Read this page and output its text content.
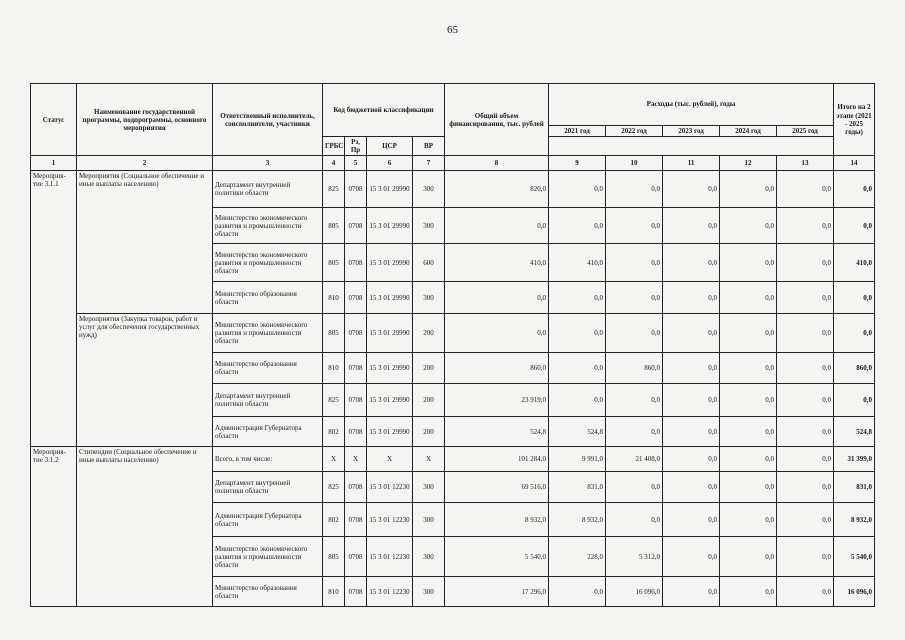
65
Статус	Наименование государственной программы, подпрограммы, основного мероприятия	Ответственный исполнитель, соисполнители, участники	Код бюджетной классификации				Общий объем финансирования, тыс. рублей	Расходы (тыс. рублей), годы					Итого на 2 этапе (2021 - 2025 годы)
								2021 год	2022 год	2023 год	2024 год	2025 год	
			ГРБС	Рз, Пр	ЦСР	ВР							
1	2	3	4	5	6	7	8	9	10	11	12	13	14
Мероприя-тие 3.1.1	Мероприятия (Социальное обеспечение и иные выплаты населению)	Департамент внутренней политики области	825	0708	15 3 01 29990	300	820,0	0,0	0,0	0,0	0,0	0,0	0,0
		Министерство экономического развития и промышленности области	805	0708	15 3 01 29990	300	0,0	0,0	0,0	0,0	0,0	0,0	0,0
		Министерство экономического развития и промышленности области	805	0708	15 3 01 29990	600	410,0	410,0	0,0	0,0	0,0	0,0	410,0
		Министерство образования области	810	0708	15 3 01 29990	300	0,0	0,0	0,0	0,0	0,0	0,0	0,0
	Мероприятия (Закупка товаров, работ и услуг для обеспечения государственных нужд)	Министерство экономического развития и промышленности области	805	0708	15 3 01 29990	200	0,0	0,0	0,0	0,0	0,0	0,0	0,0
		Министерство образования области	810	0708	15 3 01 29990	200	860,0	0,0	860,0	0,0	0,0	0,0	860,0
		Департамент внутренней политики области	825	0708	15 3 01 29990	200	23 919,0	0,0	0,0	0,0	0,0	0,0	0,0
		Администрация Губернатора области	802	0708	15 3 01 29990	200	524,8	524,8	0,0	0,0	0,0	0,0	524,8
Мероприя-тие 3.1.2	Стипендии (Социальное обеспечение и иные выплаты населению)	Всего, в том числе:	X	X	X	X	101 284,0	9 991,0	21 408,0	0,0	0,0	0,0	31 399,0
		Департамент внутренней политики области	825	0708	15 3 01 12230	300	69 516,0	831,0	0,0	0,0	0,0	0,0	831,0
		Администрация Губернатора области	802	0708	15 3 01 12230	300	8 932,0	8 932,0	0,0	0,0	0,0	0,0	8 932,0
		Министерство экономического развития и промышленности области	805	0708	15 3 01 12230	300	5 540,0	228,0	5 312,0	0,0	0,0	0,0	5 540,0
		Министерство образования области	810	0708	15 3 01 12230	300	17 296,0	0,0	16 096,0	0,0	0,0	0,0	16 096,0
